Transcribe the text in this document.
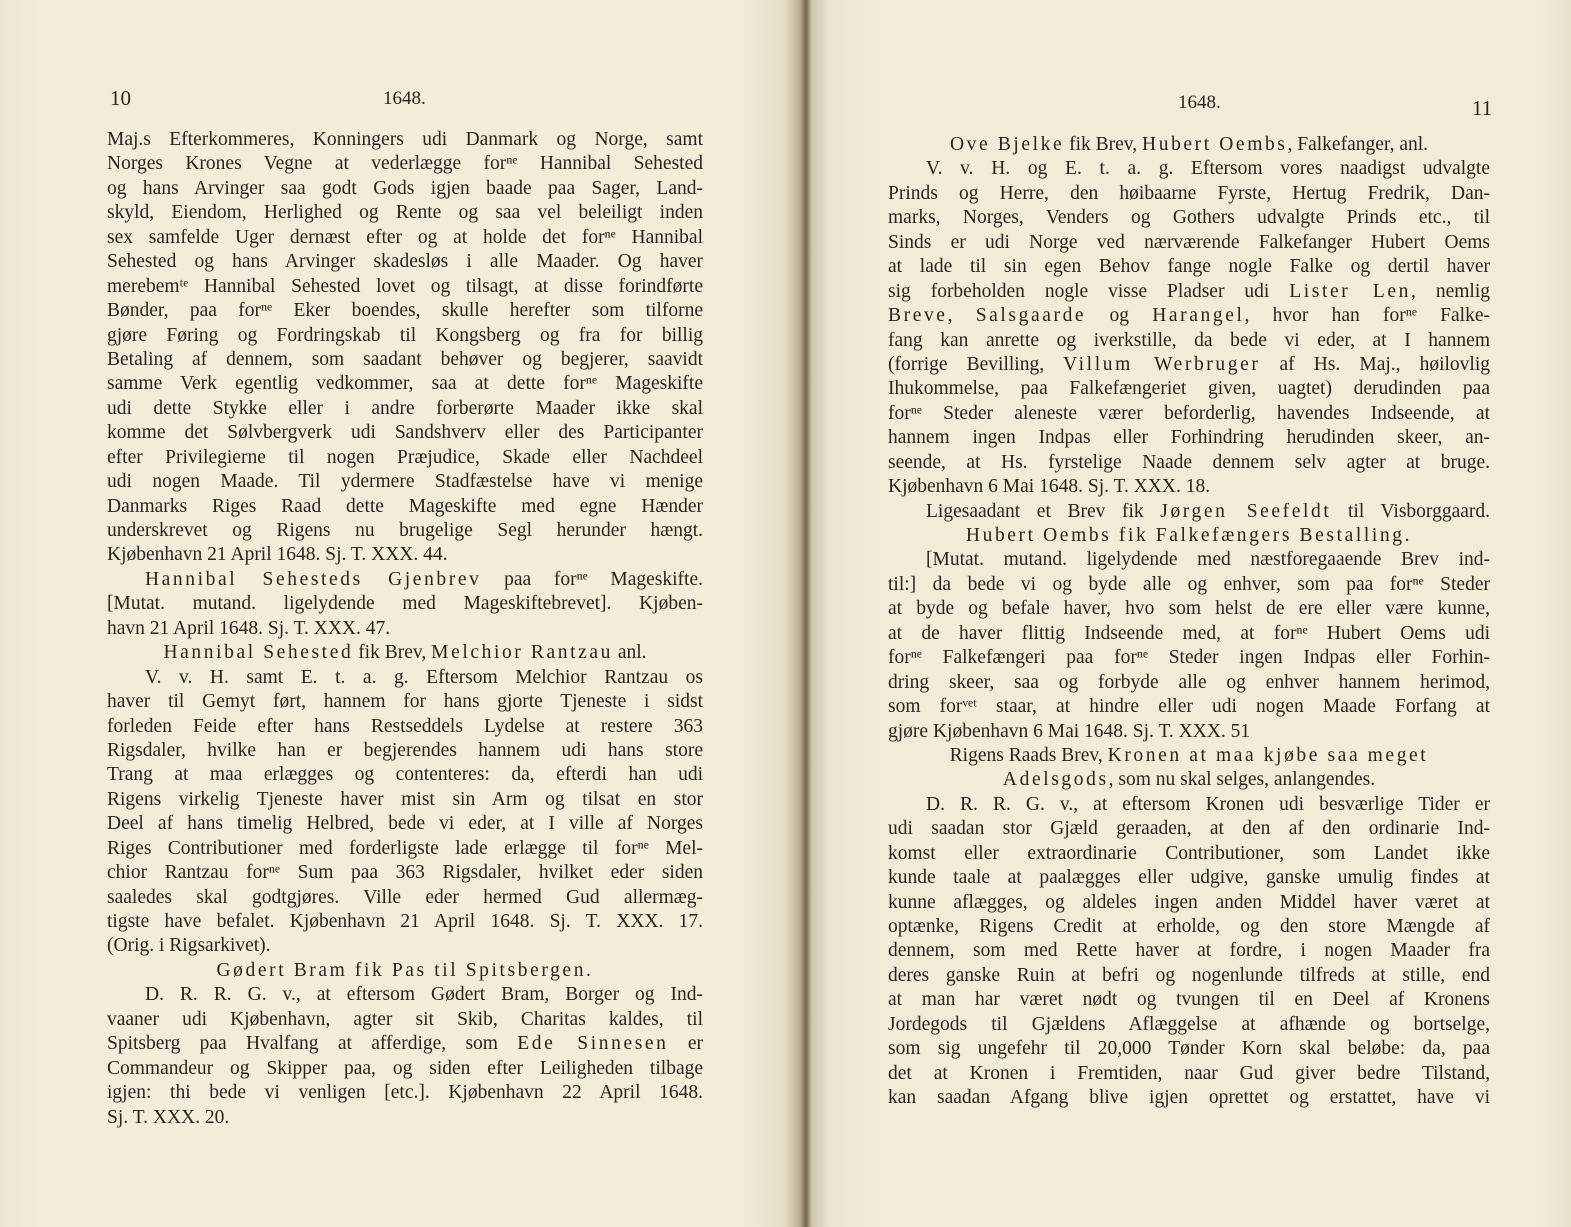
10	1648.
Maj.s Efterkommeres, Konningers udi Danmark og Norge, samt
Norges Krones Vegne at vederlægge forⁿᵉ Hannibal Sehested
og hans Arvinger saa godt Gods igjen baade paa Sager, Land-
skyld, Eiendom, Herlighed og Rente og saa vel beleiligt inden
sex samfelde Uger dernæst efter og at holde det forⁿᵉ Hannibal
Sehested og hans Arvinger skadesløs i alle Maader. Og haver
merebemᵗᵉ Hannibal Sehested lovet og tilsagt, at disse forindførte
Bønder, paa forⁿᵉ Eker boendes, skulle herefter som tilforne
gjøre Føring og Fordringskab til Kongsberg og fra for billig
Betaling af dennem, som saadant behøver og begjerer, saavidt
samme Verk egentlig vedkommer, saa at dette forⁿᵉ Mageskifte
udi dette Stykke eller i andre forberørte Maader ikke skal
komme det Sølvbergverk udi Sandshverv eller des Participanter
efter Privilegierne til nogen Præjudice, Skade eller Nachdeel
udi nogen Maade. Til ydermere Stadfæstelse have vi menige
Danmarks Riges Raad dette Mageskifte med egne Hænder
underskrevet og Rigens nu brugelige Segl herunder hængt.
Kjøbenhavn 21 April 1648. Sj. T. XXX. 44.
Hannibal Sehesteds Gjenbrev paa forⁿᵉ Mageskifte.
[Mutat. mutand. ligelydende med Mageskiftebrevet]. Kjøben-
havn 21 April 1648. Sj. T. XXX. 47.
Hannibal Sehested fik Brev, Melchior Rantzau anl.
V. v. H. samt E. t. a. g. Eftersom Melchior Rantzau os
haver til Gemyt ført, hannem for hans gjorte Tjeneste i sidst
forleden Feide efter hans Restseddels Lydelse at restere 363
Rigsdaler, hvilke han er begjerendes hannem udi hans store
Trang at maa erlægges og contenteres: da, efterdi han udi
Rigens virkelig Tjeneste haver mist sin Arm og tilsat en stor
Deel af hans timelig Helbred, bede vi eder, at I ville af Norges
Riges Contributioner med forderligste lade erlægge til forⁿᵉ Mel-
chior Rantzau forⁿᵉ Sum paa 363 Rigsdaler, hvilket eder siden
saaledes skal godtgjøres. Ville eder hermed Gud allermæg-
tigste have befalet. Kjøbenhavn 21 April 1648. Sj. T. XXX. 17.
(Orig. i Rigsarkivet).
Gødert Bram fik Pas til Spitsbergen.
D. R. R. G. v., at eftersom Gødert Bram, Borger og Ind-
vaaner udi Kjøbenhavn, agter sit Skib, Charitas kaldes, til
Spitsberg paa Hvalfang at afferdige, som Ede Sinnesen er
Commandeur og Skipper paa, og siden efter Leiligheden tilbage
igjen: thi bede vi venligen [etc.]. Kjøbenhavn 22 April 1648.
Sj. T. XXX. 20.
1648.	11
Ove Bjelke fik Brev, Hubert Oembs, Falkefanger, anl.
V. v. H. og E. t. a. g. Eftersom vores naadigst udvalgte
Prinds og Herre, den høibaarne Fyrste, Hertug Fredrik, Dan-
marks, Norges, Venders og Gothers udvalgte Prinds etc., til
Sinds er udi Norge ved nærværende Falkefanger Hubert Oems
at lade til sin egen Behov fange nogle Falke og dertil haver
sig forbeholden nogle visse Pladser udi Lister Len, nemlig
Breve, Salsgaarde og Harangel, hvor han forⁿᵉ Falke-
fang kan anrette og iverkstille, da bede vi eder, at I hannem
(forrige Bevilling, Villum Werbruger af Hs. Maj., høilovlig
Ihukommelse, paa Falkefængeriet given, uagtet) derudinden paa
forⁿᵉ Steder aleneste værer beforderlig, havendes Indseende, at
hannem ingen Indpas eller Forhindring herudinden skeer, an-
seende, at Hs. fyrstelige Naade dennem selv agter at bruge.
Kjøbenhavn 6 Mai 1648. Sj. T. XXX. 18.
Ligesaadant et Brev fik Jørgen Seefeldt til Visborggaard.
Hubert Oembs fik Falkefængers Bestalling.
[Mutat. mutand. ligelydende med næstforegaaende Brev ind-
til:] da bede vi og byde alle og enhver, som paa forⁿᵉ Steder
at byde og befale haver, hvo som helst de ere eller være kunne,
at de haver flittig Indseende med, at forⁿᵉ Hubert Oems udi
forⁿᵉ Falkefængeri paa forⁿᵉ Steder ingen Indpas eller Forhin-
dring skeer, saa og forbyde alle og enhver hannem herimod,
som forᵛᵉᵗ staar, at hindre eller udi nogen Maade Forfang at
gjøre Kjøbenhavn 6 Mai 1648. Sj. T. XXX. 51
Rigens Raads Brev, Kronen at maa kjøbe saa meget
Adelsgods, som nu skal selges, anlangendes.
D. R. R. G. v., at eftersom Kronen udi besværlige Tider er
udi saadan stor Gjæld geraaden, at den af den ordinarie Ind-
komst eller extraordinarie Contributioner, som Landet ikke
kunde taale at paalægges eller udgive, ganske umulig findes at
kunne aflægges, og aldeles ingen anden Middel haver været at
optænke, Rigens Credit at erholde, og den store Mængde af
dennem, som med Rette haver at fordre, i nogen Maader fra
deres ganske Ruin at befri og nogenlunde tilfreds at stille, end
at man har været nødt og tvungen til en Deel af Kronens
Jordegods til Gjældens Aflæggelse at afhænde og bortselge,
som sig ungefehr til 20,000 Tønder Korn skal beløbe: da, paa
det at Kronen i Fremtiden, naar Gud giver bedre Tilstand,
kan saadan Afgang blive igjen oprettet og erstattet, have vi
